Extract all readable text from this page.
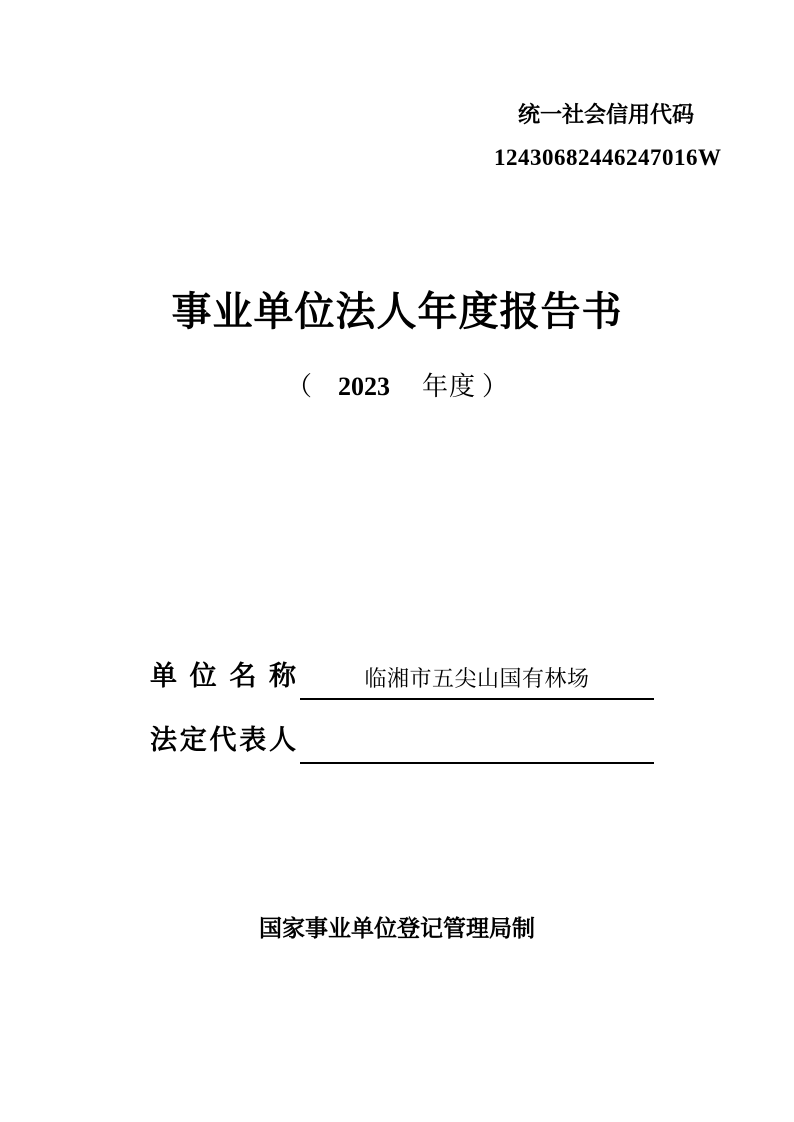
统一社会信用代码
12430682446247016W
事业单位法人年度报告书
（ 2023 年度 ）
单位名称	临湘市五尖山国有林场
法定代表人
国家事业单位登记管理局制
